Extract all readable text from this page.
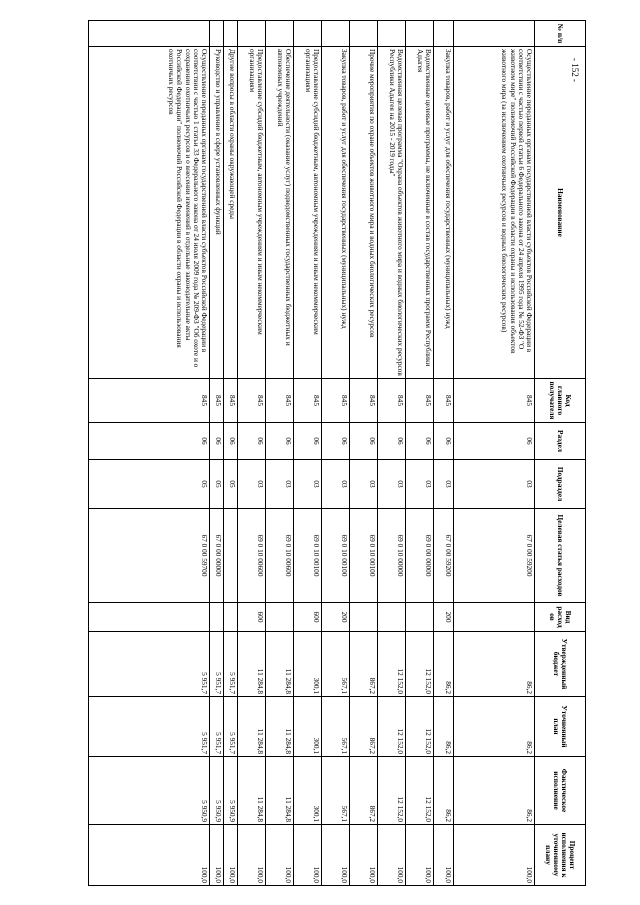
- 152 -
№ п/п	Наименование	Код главного получателя	Раздел	Подраздел	Целевая статья расходов	Вид расходов	Утвержденный бюджет	Уточненный план	Фактическое исполнение	Процент исполнения к уточненному плану
	Осуществление переданных органам государственной власти субъектов Российской Федерации в соответствии с частью первой статьи 6 Федерального закона от 24 апреля 1995 года № 52-ФЗ "О животном мире" полномочий Российской Федерации в области охраны и использования объектов животного мира (за исключением охотничьих ресурсов и водных биологических ресурсов)	845	06	03	67 0 00 59200		86,2	86,2	86,2	100,0
	Закупка товаров, работ и услуг для обеспечения государственных (муниципальных) нужд	845	06	03	67 0 00 59200	200	86,2	86,2	86,2	100,0
	Ведомственные целевые программы, не включенные в состав государственных программ Республики Адыгея	845	06	03	69 0 00 00000		12 152,0	12 152,0	12 152,0	100,0
	Ведомственная целевая программа "Охрана объектов животного мира и водных биологических ресурсов Республики Адыгея на 2015 - 2019 годы"	845	06	03	69 0 10 00000		12 152,0	12 152,0	12 152,0	100,0
	Прочие мероприятия по охране объектов животного мира и водных биологических ресурсов	845	06	03	69 0 10 00100		867,2	867,2	867,2	100,0
	Закупка товаров, работ и услуг для обеспечения государственных (муниципальных) нужд	845	06	03	69 0 10 00100	200	567,1	567,1	567,1	100,0
	Предоставление субсидий бюджетным, автономным учреждениям и иным некоммерческим организациям	845	06	03	69 0 10 00100	600	300,1	300,1	300,1	100,0
	Обеспечение деятельности (оказание услуг) подведомственных государственных бюджетных и автономных учреждений	845	06	03	69 0 10 00600		11 284,8	11 284,8	11 284,8	100,0
	Предоставление субсидий бюджетным, автономным учреждениям и иным некоммерческим организациям	845	06	03	69 0 10 00600	600	11 284,8	11 284,8	11 284,8	100,0
	Другие вопросы в области охраны окружающей среды	845	06	05			5 951,7	5 951,7	5 950,9	100,0
	Руководство и управление в сфере установленных функций	845	06	05	67 0 00 00000		5 951,7	5 951,7	5 950,9	100,0
	Осуществление переданных органам государственной власти субъектов Российской Федерации в соответствии с частью 1 статьи 33 Федерального закона от 24 июля 2009 года № 209-ФЗ "Об охоте и о сохранении охотничьих ресурсов и о внесении изменений в отдельные законодательные акты Российской Федерации" полномочий Российской Федерации в области охраны и использования охотничьих ресурсов	845	06	05	67 0 00 59700		5 951,7	5 951,7	5 950,9	100,0
